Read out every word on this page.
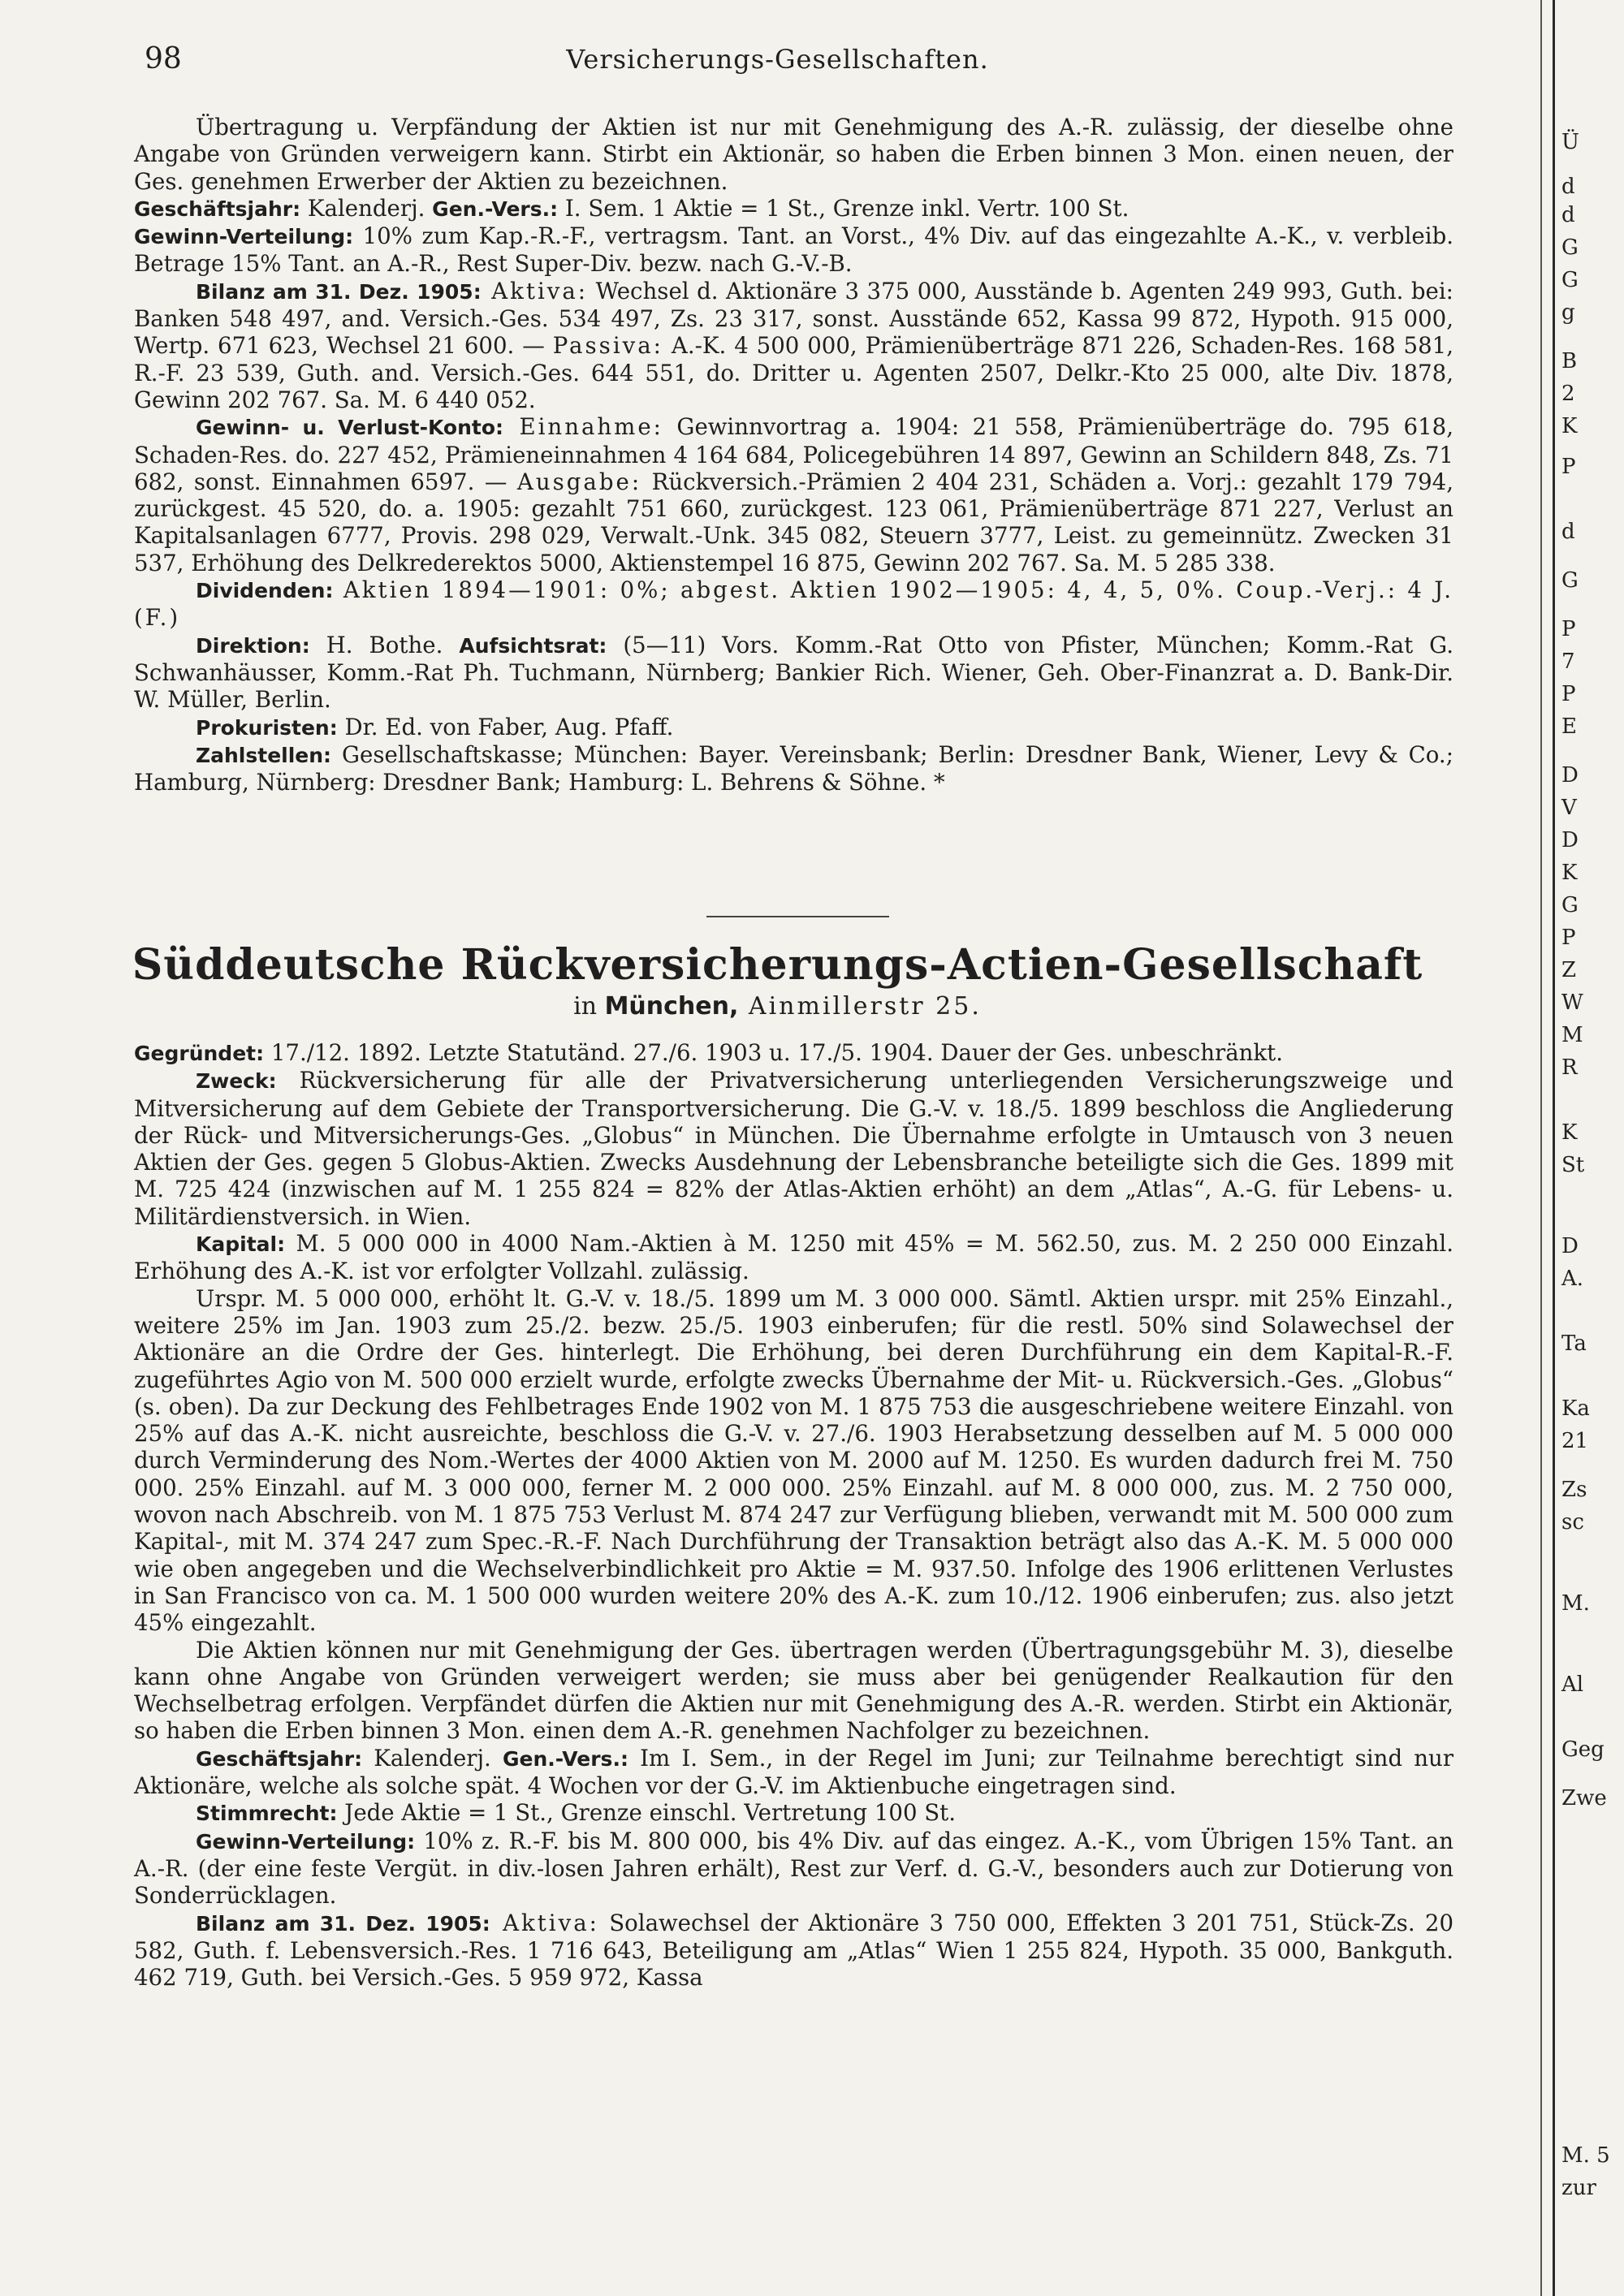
98	Versicherungs-Gesellschaften.

Übertragung u. Verpfändung der Aktien ist nur mit Genehmigung des A.-R. zulässig, der dieselbe ohne Angabe von Gründen verweigern kann. Stirbt ein Aktionär, so haben die Erben binnen 3 Mon. einen neuen, der Ges. genehmen Erwerber der Aktien zu bezeichnen.

Geschäftsjahr: Kalenderj. Gen.-Vers.: I. Sem. 1 Aktie = 1 St., Grenze inkl. Vertr. 100 St.

Gewinn-Verteilung: 10% zum Kap.-R.-F., vertragsm. Tant. an Vorst., 4% Div. auf das eingezahlte A.-K., v. verbleib. Betrage 15% Tant. an A.-R., Rest Super-Div. bezw. nach G.-V.-B.

Bilanz am 31. Dez. 1905: Aktiva: Wechsel d. Aktionäre 3 375 000, Ausstände b. Agenten 249 993, Guth. bei: Banken 548 497, and. Versich.-Ges. 534 497, Zs. 23 317, sonst. Ausstände 652, Kassa 99 872, Hypoth. 915 000, Wertp. 671 623, Wechsel 21 600. — Passiva: A.-K. 4 500 000, Prämienüberträge 871 226, Schaden-Res. 168 581, R.-F. 23 539, Guth. and. Versich.-Ges. 644 551, do. Dritter u. Agenten 2507, Delkr.-Kto 25 000, alte Div. 1878, Gewinn 202 767. Sa. M. 6 440 052.

Gewinn- u. Verlust-Konto: Einnahme: Gewinnvortrag a. 1904: 21 558, Prämienüberträge do. 795 618, Schaden-Res. do. 227 452, Prämieneinnahmen 4 164 684, Policegebühren 14 897, Gewinn an Schildern 848, Zs. 71 682, sonst. Einnahmen 6597. — Ausgabe: Rückversich.-Prämien 2 404 231, Schäden a. Vorj.: gezahlt 179 794, zurückgest. 45 520, do. a. 1905: gezahlt 751 660, zurückgest. 123 061, Prämienüberträge 871 227, Verlust an Kapitalsanlagen 6777, Provis. 298 029, Verwalt.-Unk. 345 082, Steuern 3777, Leist. zu gemeinnütz. Zwecken 31 537, Erhöhung des Delkrederektos 5000, Aktienstempel 16 875, Gewinn 202 767. Sa. M. 5 285 338.

Dividenden: Aktien 1894—1901: 0%; abgest. Aktien 1902—1905: 4, 4, 5, 0%. Coup.-Verj.: 4 J. (F.)

Direktion: H. Bothe. Aufsichtsrat: (5—11) Vors. Komm.-Rat Otto von Pfister, München; Komm.-Rat G. Schwanhäusser, Komm.-Rat Ph. Tuchmann, Nürnberg; Bankier Rich. Wiener, Geh. Ober-Finanzrat a. D. Bank-Dir. W. Müller, Berlin.

Prokuristen: Dr. Ed. von Faber, Aug. Pfaff.

Zahlstellen: Gesellschaftskasse; München: Bayer. Vereinsbank; Berlin: Dresdner Bank, Wiener, Levy & Co.; Hamburg, Nürnberg: Dresdner Bank; Hamburg: L. Behrens & Söhne. *

Süddeutsche Rückversicherungs-Actien-Gesellschaft
in München, Ainmillerstr 25.

Gegründet: 17./12. 1892. Letzte Statutänd. 27./6. 1903 u. 17./5. 1904. Dauer der Ges. unbeschränkt.

Zweck: Rückversicherung für alle der Privatversicherung unterliegenden Versicherungszweige und Mitversicherung auf dem Gebiete der Transportversicherung. Die G.-V. v. 18./5. 1899 beschloss die Angliederung der Rück- und Mitversicherungs-Ges. „Globus“ in München. Die Übernahme erfolgte in Umtausch von 3 neuen Aktien der Ges. gegen 5 Globus-Aktien. Zwecks Ausdehnung der Lebensbranche beteiligte sich die Ges. 1899 mit M. 725 424 (inzwischen auf M. 1 255 824 = 82% der Atlas-Aktien erhöht) an dem „Atlas“, A.-G. für Lebens- u. Militärdienstversich. in Wien.

Kapital: M. 5 000 000 in 4000 Nam.-Aktien à M. 1250 mit 45% = M. 562.50, zus. M. 2 250 000 Einzahl. Erhöhung des A.-K. ist vor erfolgter Vollzahl. zulässig.

Urspr. M. 5 000 000, erhöht lt. G.-V. v. 18./5. 1899 um M. 3 000 000. Sämtl. Aktien urspr. mit 25% Einzahl., weitere 25% im Jan. 1903 zum 25./2. bezw. 25./5. 1903 einberufen; für die restl. 50% sind Solawechsel der Aktionäre an die Ordre der Ges. hinterlegt. Die Erhöhung, bei deren Durchführung ein dem Kapital-R.-F. zugeführtes Agio von M. 500 000 erzielt wurde, erfolgte zwecks Übernahme der Mit- u. Rückversich.-Ges. „Globus“ (s. oben). Da zur Deckung des Fehlbetrages Ende 1902 von M. 1 875 753 die ausgeschriebene weitere Einzahl. von 25% auf das A.-K. nicht ausreichte, beschloss die G.-V. v. 27./6. 1903 Herabsetzung desselben auf M. 5 000 000 durch Verminderung des Nom.-Wertes der 4000 Aktien von M. 2000 auf M. 1250. Es wurden dadurch frei M. 750 000. 25% Einzahl. auf M. 3 000 000, ferner M. 2 000 000. 25% Einzahl. auf M. 8 000 000, zus. M. 2 750 000, wovon nach Abschreib. von M. 1 875 753 Verlust M. 874 247 zur Verfügung blieben, verwandt mit M. 500 000 zum Kapital-, mit M. 374 247 zum Spec.-R.-F. Nach Durchführung der Transaktion beträgt also das A.-K. M. 5 000 000 wie oben angegeben und die Wechselverbindlichkeit pro Aktie = M. 937.50. Infolge des 1906 erlittenen Verlustes in San Francisco von ca. M. 1 500 000 wurden weitere 20% des A.-K. zum 10./12. 1906 einberufen; zus. also jetzt 45% eingezahlt.

Die Aktien können nur mit Genehmigung der Ges. übertragen werden (Übertragungsgebühr M. 3), dieselbe kann ohne Angabe von Gründen verweigert werden; sie muss aber bei genügender Realkaution für den Wechselbetrag erfolgen. Verpfändet dürfen die Aktien nur mit Genehmigung des A.-R. werden. Stirbt ein Aktionär, so haben die Erben binnen 3 Mon. einen dem A.-R. genehmen Nachfolger zu bezeichnen.

Geschäftsjahr: Kalenderj. Gen.-Vers.: Im I. Sem., in der Regel im Juni; zur Teilnahme berechtigt sind nur Aktionäre, welche als solche spät. 4 Wochen vor der G.-V. im Aktienbuche eingetragen sind.

Stimmrecht: Jede Aktie = 1 St., Grenze einschl. Vertretung 100 St.

Gewinn-Verteilung: 10% z. R.-F. bis M. 800 000, bis 4% Div. auf das eingez. A.-K., vom Übrigen 15% Tant. an A.-R. (der eine feste Vergüt. in div.-losen Jahren erhält), Rest zur Verf. d. G.-V., besonders auch zur Dotierung von Sonderrücklagen.

Bilanz am 31. Dez. 1905: Aktiva: Solawechsel der Aktionäre 3 750 000, Effekten 3 201 751, Stück-Zs. 20 582, Guth. f. Lebensversich.-Res. 1 716 643, Beteiligung am „Atlas“ Wien 1 255 824, Hypoth. 35 000, Bankguth. 462 719, Guth. bei Versich.-Ges. 5 959 972, Kassa

Ü
d
d
G
G
g
B
2
K
P
d
G
P
7
P
E
D
V
D
K
G
P
Z
W
M
R
K
St
D
A.
Ta
Ka
21
Zs
sc
M.
Al
Geg
Zwe
M. 5
zur
